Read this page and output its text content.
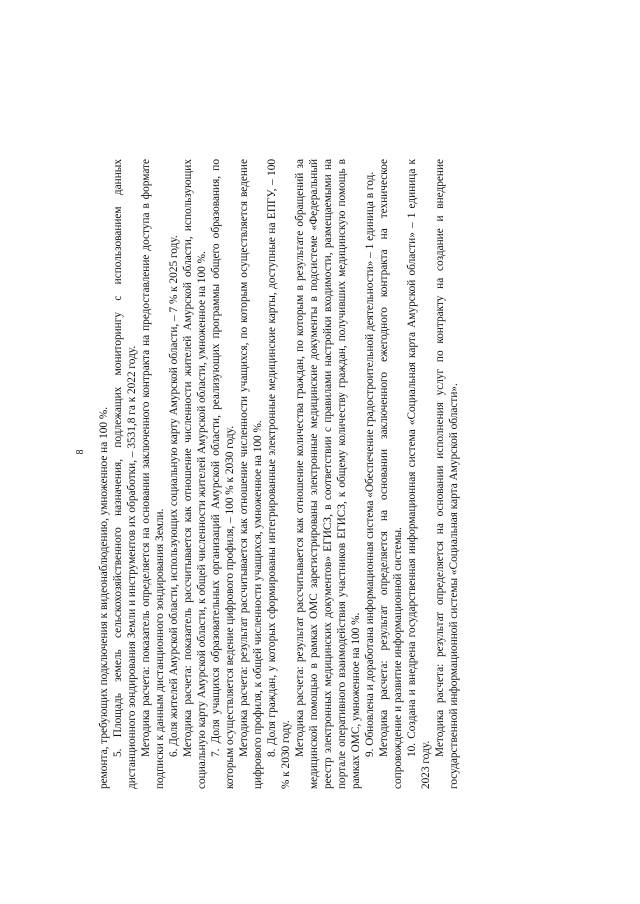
8 ремонта, требующих подключения к видеонаблюдению, умноженное на 100 %. 5. Площадь земель сельскохозяйственного назначения, подлежащих мониторингу с использованием данных дистанционного зондирования Земли и инструментов их обработки, – 3531,8 га к 2022 году. Методика расчета: показатель определяется на основании заключенного контракта на предоставление доступа в формате подписки к данным дистанционного зондирования Земли. 6. Доля жителей Амурской области, использующих социальную карту Амурской области, – 7 % к 2025 году. Методика расчета: показатель рассчитывается как отношение численности жителей Амурской области, использующих социальную карту Амурской области, к общей численности жителей Амурской области, умноженное на 100 %. 7. Доля учащихся образовательных организаций Амурской области, реализующих программы общего образования, по которым осуществляется ведение цифрового профиля, – 100 % к 2030 году. Методика расчета: результат рассчитывается как отношение численности учащихся, по которым осуществляется ведение цифрового профиля, к общей численности учащихся, умноженное на 100 %. 8. Доля граждан, у которых сформированы интегрированные электронные медицинские карты, доступные на ЕПГУ, – 100 % к 2030 году. Методика расчета: результат рассчитывается как отношение количества граждан, по которым в результате обращений за медицинской помощью в рамках ОМС зарегистрированы электронные медицинские документы в подсистеме «Федеральный реестр электронных медицинских документов» ЕГИСЗ, в соответствии с правилами настройки входимости, размещаемыми на портале оперативного взаимодействия участников ЕГИСЗ, к общему количеству граждан, получивших медицинскую помощь в рамках ОМС, умноженное на 100 %. 9. Обновлена и доработана информационная система «Обеспечение градостроительной деятельности» – 1 единица в год. Методика расчета: результат определяется на основании заключенного ежегодного контракта на техническое сопровождение и развитие информационной системы. 10. Создана и внедрена государственная информационная система «Социальная карта Амурской области» – 1 единица к 2023 году.

Методика расчета: результат определяется на основании исполнения услуг по контракту на создание и внедрение государственной информационной системы «Социальная карта Амурской области».
